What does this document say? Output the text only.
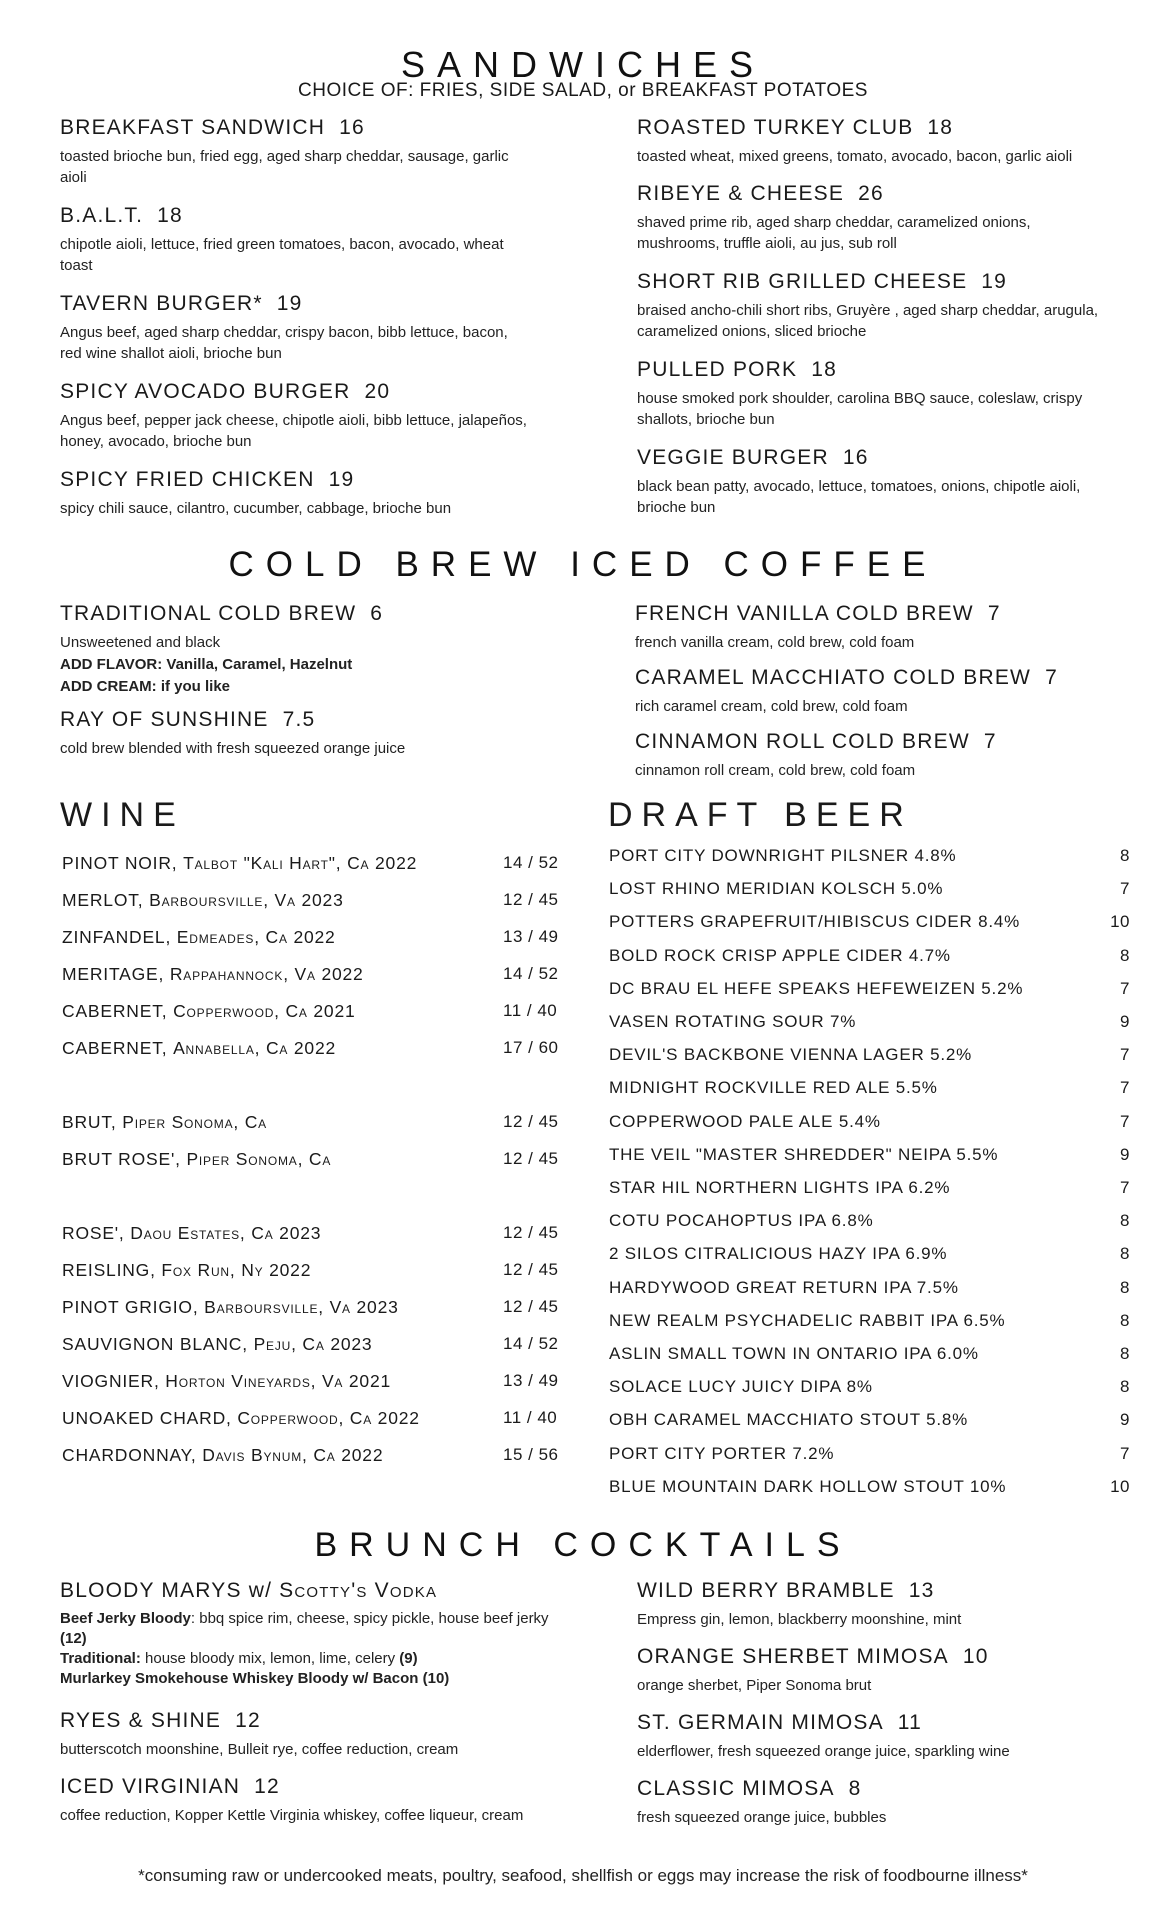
SANDWICHES
CHOICE OF: FRIES, SIDE SALAD, or BREAKFAST POTATOES
BREAKFAST SANDWICH 16
toasted brioche bun, fried egg, aged sharp cheddar, sausage, garlic aioli
B.A.L.T. 18
chipotle aioli, lettuce, fried green tomatoes, bacon, avocado, wheat toast
TAVERN BURGER* 19
Angus beef, aged sharp cheddar, crispy bacon, bibb lettuce, bacon, red wine shallot aioli, brioche bun
SPICY AVOCADO BURGER 20
Angus beef, pepper jack cheese, chipotle aioli, bibb lettuce, jalapeños, honey, avocado, brioche bun
SPICY FRIED CHICKEN 19
spicy chili sauce, cilantro, cucumber, cabbage, brioche bun
ROASTED TURKEY CLUB 18
toasted wheat, mixed greens, tomato, avocado, bacon, garlic aioli
RIBEYE & CHEESE 26
shaved prime rib, aged sharp cheddar, caramelized onions, mushrooms, truffle aioli, au jus, sub roll
SHORT RIB GRILLED CHEESE 19
braised ancho-chili short ribs, Gruyère , aged sharp cheddar, arugula, caramelized onions, sliced brioche
PULLED PORK 18
house smoked pork shoulder, carolina BBQ sauce, coleslaw, crispy shallots, brioche bun
VEGGIE BURGER 16
black bean patty, avocado, lettuce, tomatoes, onions, chipotle aioli, brioche bun
COLD BREW ICED COFFEE
TRADITIONAL COLD BREW 6
Unsweetened and black
ADD FLAVOR: Vanilla, Caramel, Hazelnut
ADD CREAM: if you like
RAY OF SUNSHINE 7.5
cold brew blended with fresh squeezed orange juice
FRENCH VANILLA COLD BREW 7
french vanilla cream, cold brew, cold foam
CARAMEL MACCHIATO COLD BREW 7
rich caramel cream, cold brew, cold foam
CINNAMON ROLL COLD BREW 7
cinnamon roll cream, cold brew, cold foam
WINE
PINOT NOIR, Talbot "Kali Hart", Ca 2022	14 / 52
MERLOT, Barboursville, Va 2023	12 / 45
ZINFANDEL, Edmeades, Ca 2022	13 / 49
MERITAGE, Rappahannock, Va 2022	14 / 52
CABERNET, Copperwood, Ca 2021	11 / 40
CABERNET, Annabella, Ca 2022	17 / 60
BRUT, Piper Sonoma, Ca	12 / 45
BRUT ROSE', Piper Sonoma, Ca	12 / 45
ROSE', Daou Estates, Ca 2023	12 / 45
REISLING, Fox Run, Ny 2022	12 / 45
PINOT GRIGIO, Barboursville, Va 2023	12 / 45
SAUVIGNON BLANC, Peju, Ca 2023	14 / 52
VIOGNIER, Horton Vineyards, Va 2021	13 / 49
UNOAKED CHARD, Copperwood, Ca 2022	11 / 40
CHARDONNAY, Davis Bynum, Ca 2022	15 / 56
DRAFT BEER
PORT CITY DOWNRIGHT PILSNER 4.8%	8
LOST RHINO MERIDIAN KOLSCH 5.0%	7
POTTERS GRAPEFRUIT/HIBISCUS CIDER 8.4%	10
BOLD ROCK CRISP APPLE CIDER 4.7%	8
DC BRAU EL HEFE SPEAKS HEFEWEIZEN 5.2%	7
VASEN ROTATING SOUR 7%	9
DEVIL'S BACKBONE VIENNA LAGER 5.2%	7
MIDNIGHT ROCKVILLE RED ALE 5.5%	7
COPPERWOOD PALE ALE 5.4%	7
THE VEIL "MASTER SHREDDER" NEIPA 5.5%	9
STAR HIL NORTHERN LIGHTS IPA 6.2%	7
COTU POCAHOPTUS IPA 6.8%	8
2 SILOS CITRALICIOUS HAZY IPA 6.9%	8
HARDYWOOD GREAT RETURN IPA 7.5%	8
NEW REALM PSYCHADELIC RABBIT IPA 6.5%	8
ASLIN SMALL TOWN IN ONTARIO IPA 6.0%	8
SOLACE LUCY JUICY DIPA 8%	8
OBH CARAMEL MACCHIATO STOUT 5.8%	9
PORT CITY PORTER 7.2%	7
BLUE MOUNTAIN DARK HOLLOW STOUT 10%	10
BRUNCH COCKTAILS
BLOODY MARYS w/ Scotty's Vodka
Beef Jerky Bloody: bbq spice rim, cheese, spicy pickle, house beef jerky (12)
Traditional: house bloody mix, lemon, lime, celery (9)
Murlarkey Smokehouse Whiskey Bloody w/ Bacon (10)
RYES & SHINE 12
butterscotch moonshine, Bulleit rye, coffee reduction, cream
ICED VIRGINIAN 12
coffee reduction, Kopper Kettle Virginia whiskey, coffee liqueur, cream
WILD BERRY BRAMBLE 13
Empress gin, lemon, blackberry moonshine, mint
ORANGE SHERBET MIMOSA 10
orange sherbet, Piper Sonoma brut
ST. GERMAIN MIMOSA 11
elderflower, fresh squeezed orange juice, sparkling wine
CLASSIC MIMOSA 8
fresh squeezed orange juice, bubbles
*consuming raw or undercooked meats, poultry, seafood, shellfish or eggs may increase the risk of foodbourne illness*
